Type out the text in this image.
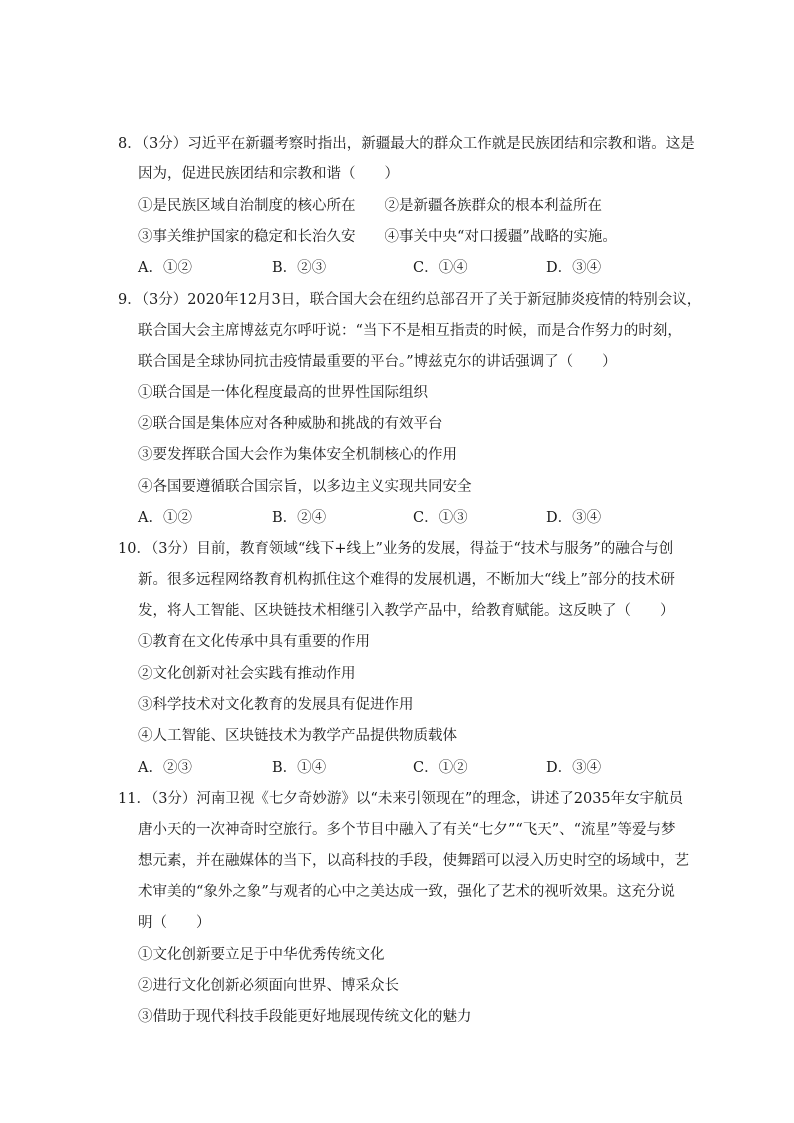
8．（3分）习近平在新疆考察时指出，新疆最大的群众工作就是民族团结和宗教和谐。这是
因为，促进民族团结和宗教和谐（　　）
①是民族区域自治制度的核心所在　　②是新疆各族群众的根本利益所在
③事关维护国家的稳定和长治久安　　④事关中央“对口援疆”战略的实施。
A．①②	B．②③	C．①④	D．③④
9．（3分）2020年12月3日，联合国大会在纽约总部召开了关于新冠肺炎疫情的特别会议，
联合国大会主席博兹克尔呼吁说：“当下不是相互指责的时候，而是合作努力的时刻，
联合国是全球协同抗击疫情最重要的平台。”博兹克尔的讲话强调了（　　）
①联合国是一体化程度最高的世界性国际组织
②联合国是集体应对各种威胁和挑战的有效平台
③要发挥联合国大会作为集体安全机制核心的作用
④各国要遵循联合国宗旨，以多边主义实现共同安全
A．①②	B．②④	C．①③	D．③④
10．（3分）目前，教育领域“线下+线上”业务的发展，得益于“技术与服务”的融合与创
新。很多远程网络教育机构抓住这个难得的发展机遇，不断加大“线上”部分的技术研
发，将人工智能、区块链技术相继引入教学产品中，给教育赋能。这反映了（　　）
①教育在文化传承中具有重要的作用
②文化创新对社会实践有推动作用
③科学技术对文化教育的发展具有促进作用
④人工智能、区块链技术为教学产品提供物质载体
A．②③	B．①④	C．①②	D．③④
11．（3分）河南卫视《七夕奇妙游》以“未来引领现在”的理念，讲述了2035年女宇航员
唐小天的一次神奇时空旅行。多个节目中融入了有关“七夕”“飞天”、“流星”等爱与梦
想元素，并在融媒体的当下，以高科技的手段，使舞蹈可以浸入历史时空的场域中，艺
术审美的“象外之象”与观者的心中之美达成一致，强化了艺术的视听效果。这充分说
明（　　）
①文化创新要立足于中华优秀传统文化
②进行文化创新必须面向世界、博采众长
③借助于现代科技手段能更好地展现传统文化的魅力
